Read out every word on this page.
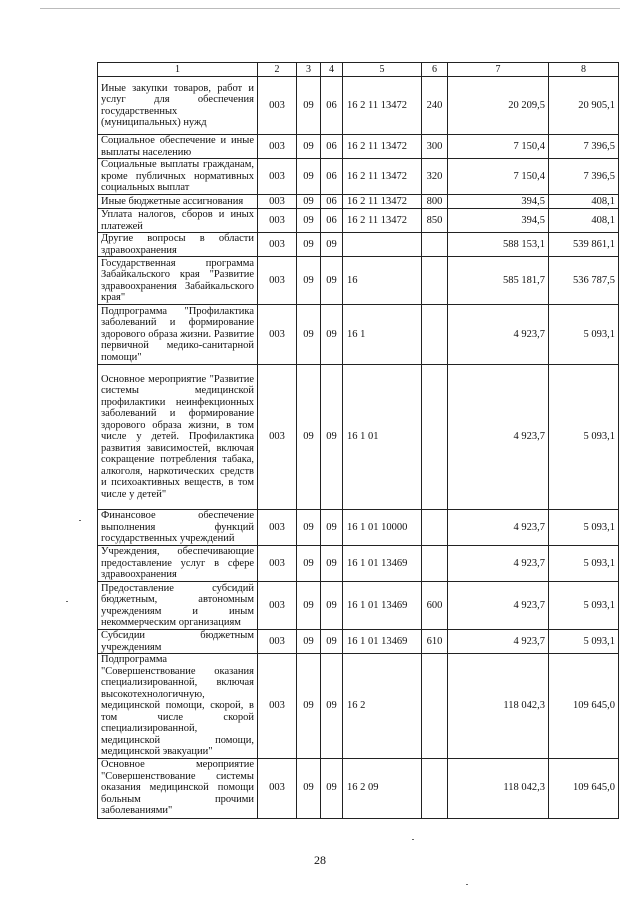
1	2	3	4	5	6	7	8
Иные закупки товаров, работ и услуг для обеспечения государственных (муниципальных) нужд	003	09	06	16 2 11 13472	240	20 209,5	20 905,1
Социальное обеспечение и иные выплаты населению	003	09	06	16 2 11 13472	300	7 150,4	7 396,5
Социальные выплаты гражданам, кроме публичных нормативных социальных выплат	003	09	06	16 2 11 13472	320	7 150,4	7 396,5
Иные бюджетные ассигнования	003	09	06	16 2 11 13472	800	394,5	408,1
Уплата налогов, сборов и иных платежей	003	09	06	16 2 11 13472	850	394,5	408,1
Другие вопросы в области здравоохранения	003	09	09			588 153,1	539 861,1
Государственная программа Забайкальского края "Развитие здравоохранения Забайкальского края"	003	09	09	16		585 181,7	536 787,5
Подпрограмма "Профилактика заболеваний и формирование здорового образа жизни. Развитие первичной медико-санитарной помощи"	003	09	09	16 1		4 923,7	5 093,1
Основное мероприятие "Развитие системы медицинской профилактики неинфекционных заболеваний и формирование здорового образа жизни, в том числе у детей. Профилактика развития зависимостей, включая сокращение потребления табака, алкоголя, наркотических средств и психоактивных веществ, в том числе у детей"	003	09	09	16 1 01		4 923,7	5 093,1
Финансовое обеспечение выполнения функций государственных учреждений	003	09	09	16 1 01 10000		4 923,7	5 093,1
Учреждения, обеспечивающие предоставление услуг в сфере здравоохранения	003	09	09	16 1 01 13469		4 923,7	5 093,1
Предоставление субсидий бюджетным, автономным учреждениям и иным некоммерческим организациям	003	09	09	16 1 01 13469	600	4 923,7	5 093,1
Субсидии бюджетным учреждениям	003	09	09	16 1 01 13469	610	4 923,7	5 093,1
Подпрограмма "Совершенствование оказания специализированной, включая высокотехнологичную, медицинской помощи, скорой, в том числе скорой специализированной, медицинской помощи, медицинской эвакуации"	003	09	09	16 2		118 042,3	109 645,0
Основное мероприятие "Совершенствование системы оказания медицинской помощи больным прочими заболеваниями"	003	09	09	16 2 09		118 042,3	109 645,0
28
